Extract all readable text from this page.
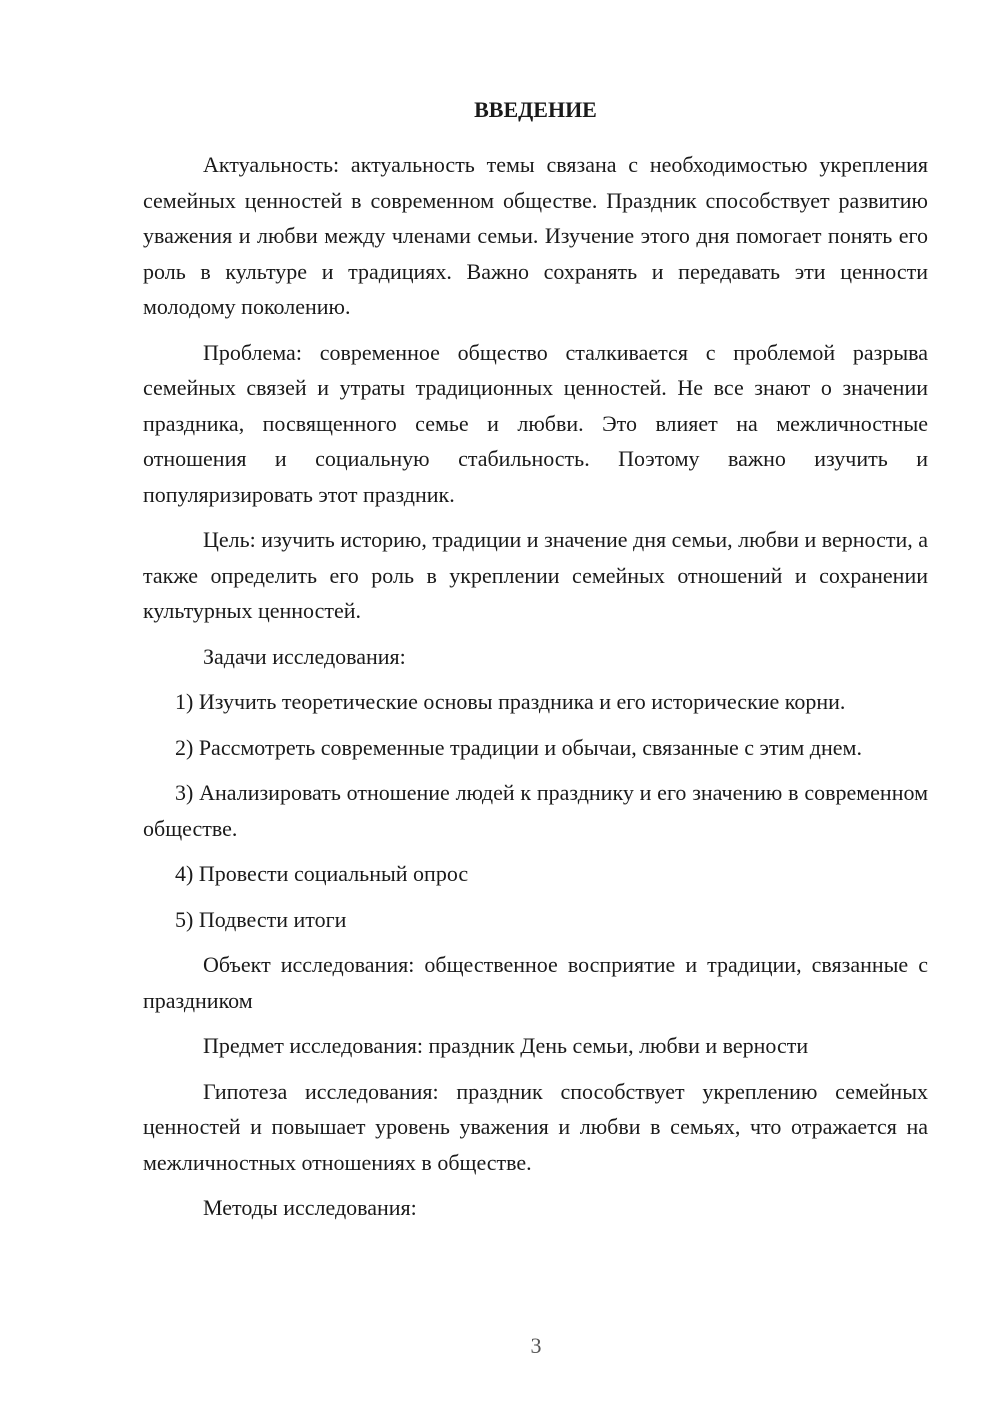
ВВЕДЕНИЕ

Актуальность: актуальность темы связана с необходимостью укрепления семейных ценностей в современном обществе. Праздник способствует развитию уважения и любви между членами семьи. Изучение этого дня помогает понять его роль в культуре и традициях. Важно сохранять и передавать эти ценности молодому поколению.

Проблема: современное общество сталкивается с проблемой разрыва семейных связей и утраты традиционных ценностей. Не все знают о значении праздника, посвященного семье и любви. Это влияет на межличностные отношения и социальную стабильность. Поэтому важно изучить и популяризировать этот праздник.

Цель: изучить историю, традиции и значение дня семьи, любви и верности, а также определить его роль в укреплении семейных отношений и сохранении культурных ценностей.

Задачи исследования:

1) Изучить теоретические основы праздника и его исторические корни.

2) Рассмотреть современные традиции и обычаи, связанные с этим днем.

3) Анализировать отношение людей к празднику и его значению в современном обществе.

4) Провести социальный опрос

5) Подвести итоги

Объект исследования: общественное восприятие и традиции, связанные с праздником

Предмет исследования: праздник День семьи, любви и верности

Гипотеза исследования: праздник способствует укреплению семейных ценностей и повышает уровень уважения и любви в семьях, что отражается на межличностных отношениях в обществе.

Методы исследования:

3
